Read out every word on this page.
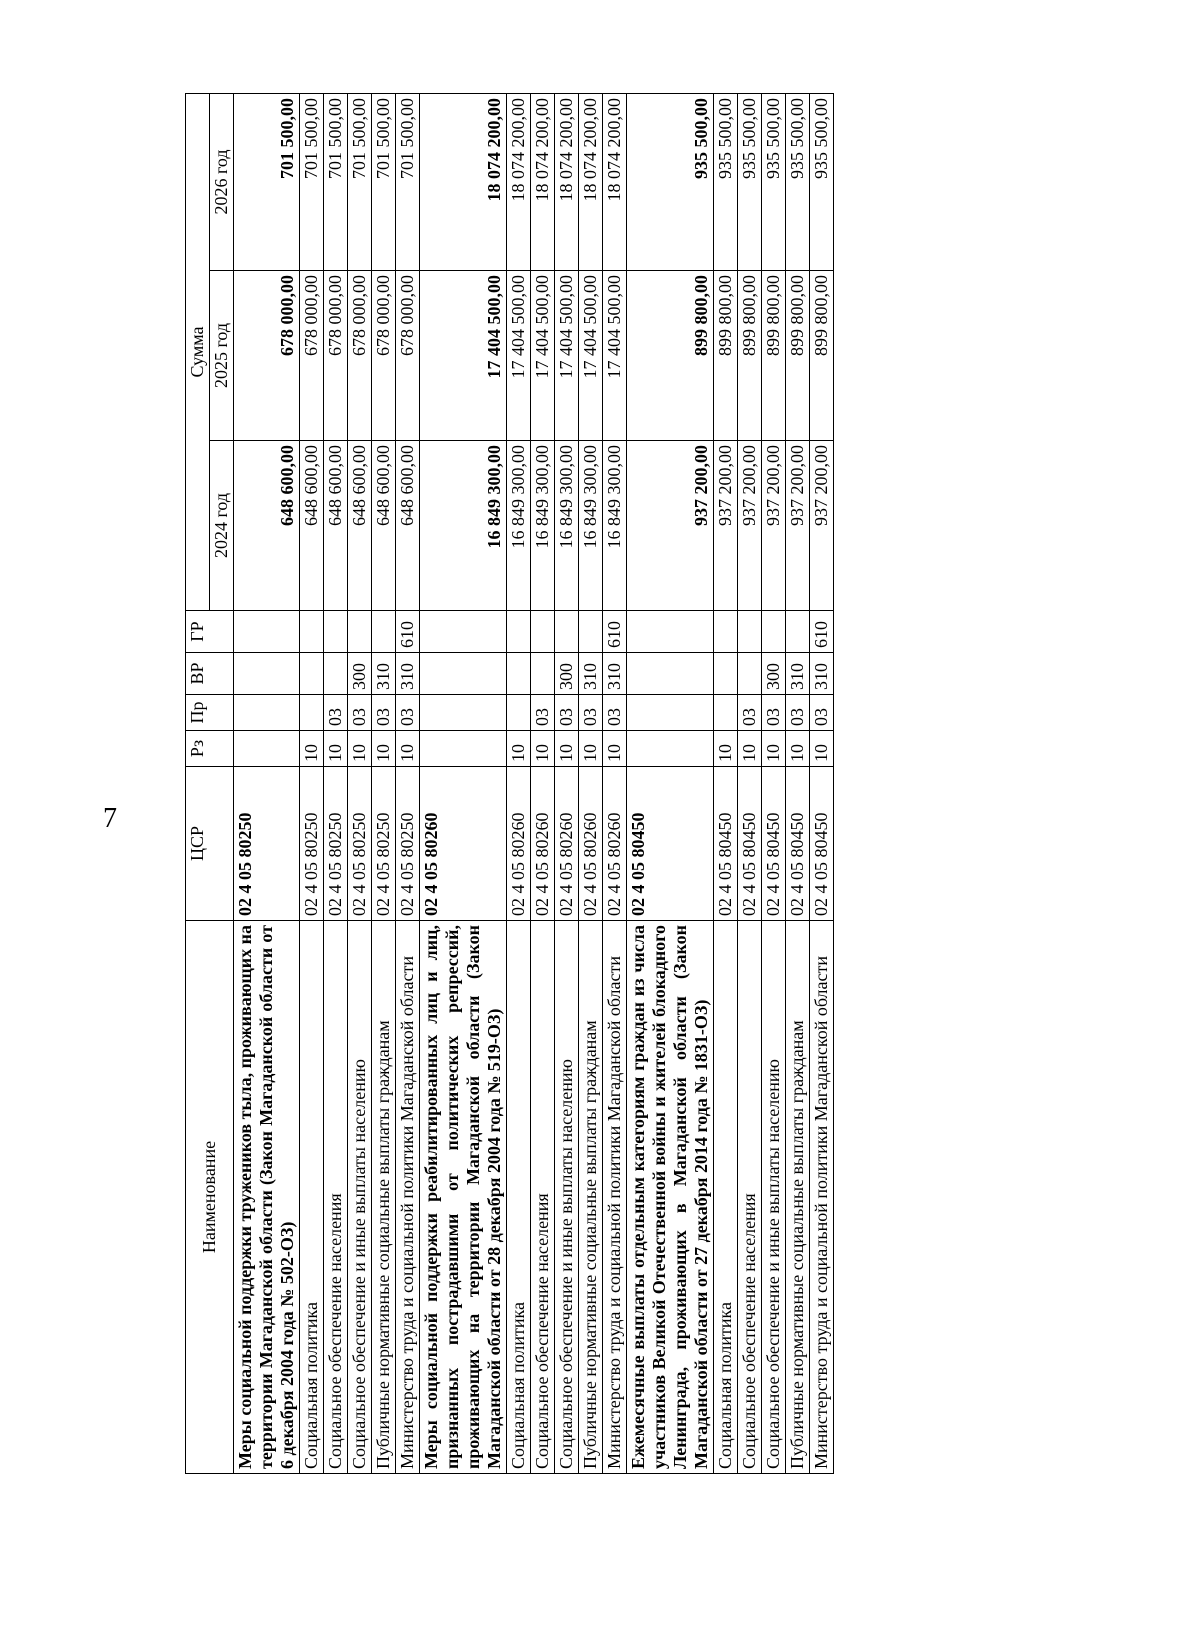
7
Наименование	ЦСР	Рз	Пр	ВР	ГР	Сумма		
						2024 год	2025 год	2026 год
Меры социальной поддержки тружеников тыла, проживающих на территории Магаданской области (Закон Магаданской области от 6 декабря 2004 года № 502-ОЗ)	02 4 05 80250					648 600,00	678 000,00	701 500,00
Социальная политика	02 4 05 80250	10				648 600,00	678 000,00	701 500,00
Социальное обеспечение населения	02 4 05 80250	10	03			648 600,00	678 000,00	701 500,00
Социальное обеспечение и иные выплаты населению	02 4 05 80250	10	03	300		648 600,00	678 000,00	701 500,00
Публичные нормативные социальные выплаты гражданам	02 4 05 80250	10	03	310		648 600,00	678 000,00	701 500,00
Министерство труда и социальной политики Магаданской области	02 4 05 80250	10	03	310	610	648 600,00	678 000,00	701 500,00
Меры социальной поддержки реабилитированных лиц и лиц, признанных пострадавшими от политических репрессий, проживающих на территории Магаданской области (Закон Магаданской области от 28 декабря 2004 года № 519-ОЗ)	02 4 05 80260					16 849 300,00	17 404 500,00	18 074 200,00
Социальная политика	02 4 05 80260	10				16 849 300,00	17 404 500,00	18 074 200,00
Социальное обеспечение населения	02 4 05 80260	10	03			16 849 300,00	17 404 500,00	18 074 200,00
Социальное обеспечение и иные выплаты населению	02 4 05 80260	10	03	300		16 849 300,00	17 404 500,00	18 074 200,00
Публичные нормативные социальные выплаты гражданам	02 4 05 80260	10	03	310		16 849 300,00	17 404 500,00	18 074 200,00
Министерство труда и социальной политики Магаданской области	02 4 05 80260	10	03	310	610	16 849 300,00	17 404 500,00	18 074 200,00
Ежемесячные выплаты отдельным категориям граждан из числа участников Великой Отечественной войны и жителей блокадного Ленинграда, проживающих в Магаданской области (Закон Магаданской области от 27 декабря 2014 года № 1831-ОЗ)	02 4 05 80450					937 200,00	899 800,00	935 500,00
Социальная политика	02 4 05 80450	10				937 200,00	899 800,00	935 500,00
Социальное обеспечение населения	02 4 05 80450	10	03			937 200,00	899 800,00	935 500,00
Социальное обеспечение и иные выплаты населению	02 4 05 80450	10	03	300		937 200,00	899 800,00	935 500,00
Публичные нормативные социальные выплаты гражданам	02 4 05 80450	10	03	310		937 200,00	899 800,00	935 500,00
Министерство труда и социальной политики Магаданской области	02 4 05 80450	10	03	310	610	937 200,00	899 800,00	935 500,00
